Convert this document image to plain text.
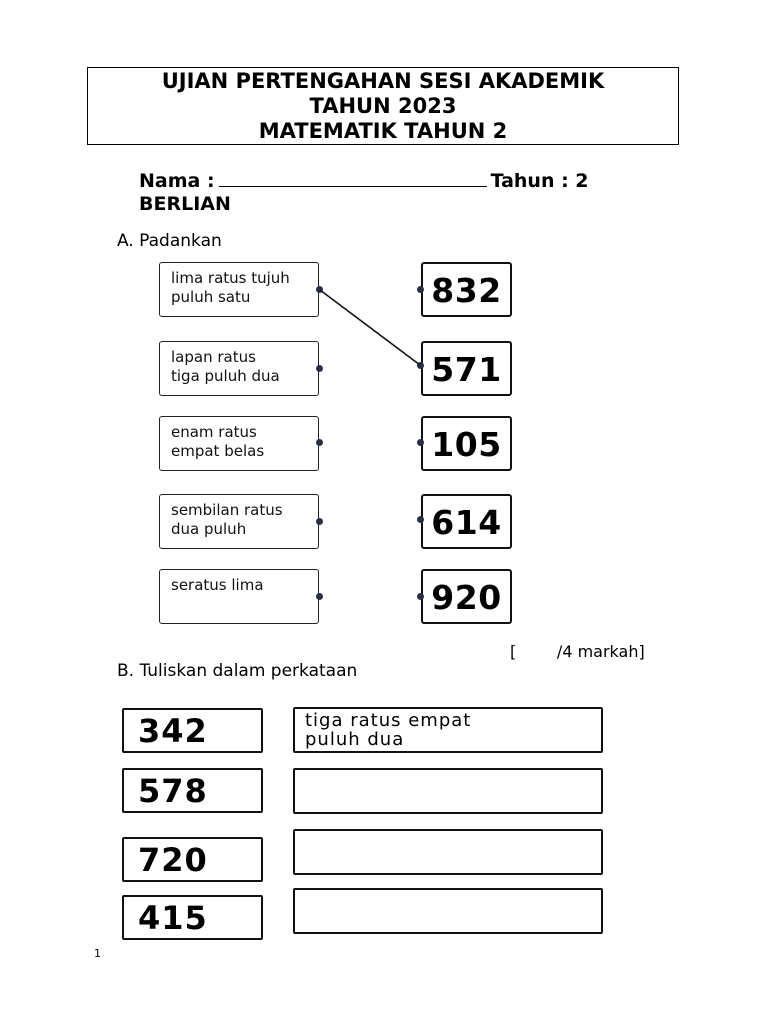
UJIAN PERTENGAHAN SESI AKADEMIK
TAHUN 2023
MATEMATIK TAHUN 2
Nama :	Tahun : 2
BERLIAN
A. Padankan
lima ratus tujuh
puluh satu
lapan ratus
tiga puluh dua
enam ratus
empat belas
sembilan ratus
dua puluh
seratus lima
832
571
105
614
920
[        /4 markah]
B. Tuliskan dalam perkataan
342
578
720
415
tiga ratus empat
puluh dua
1
